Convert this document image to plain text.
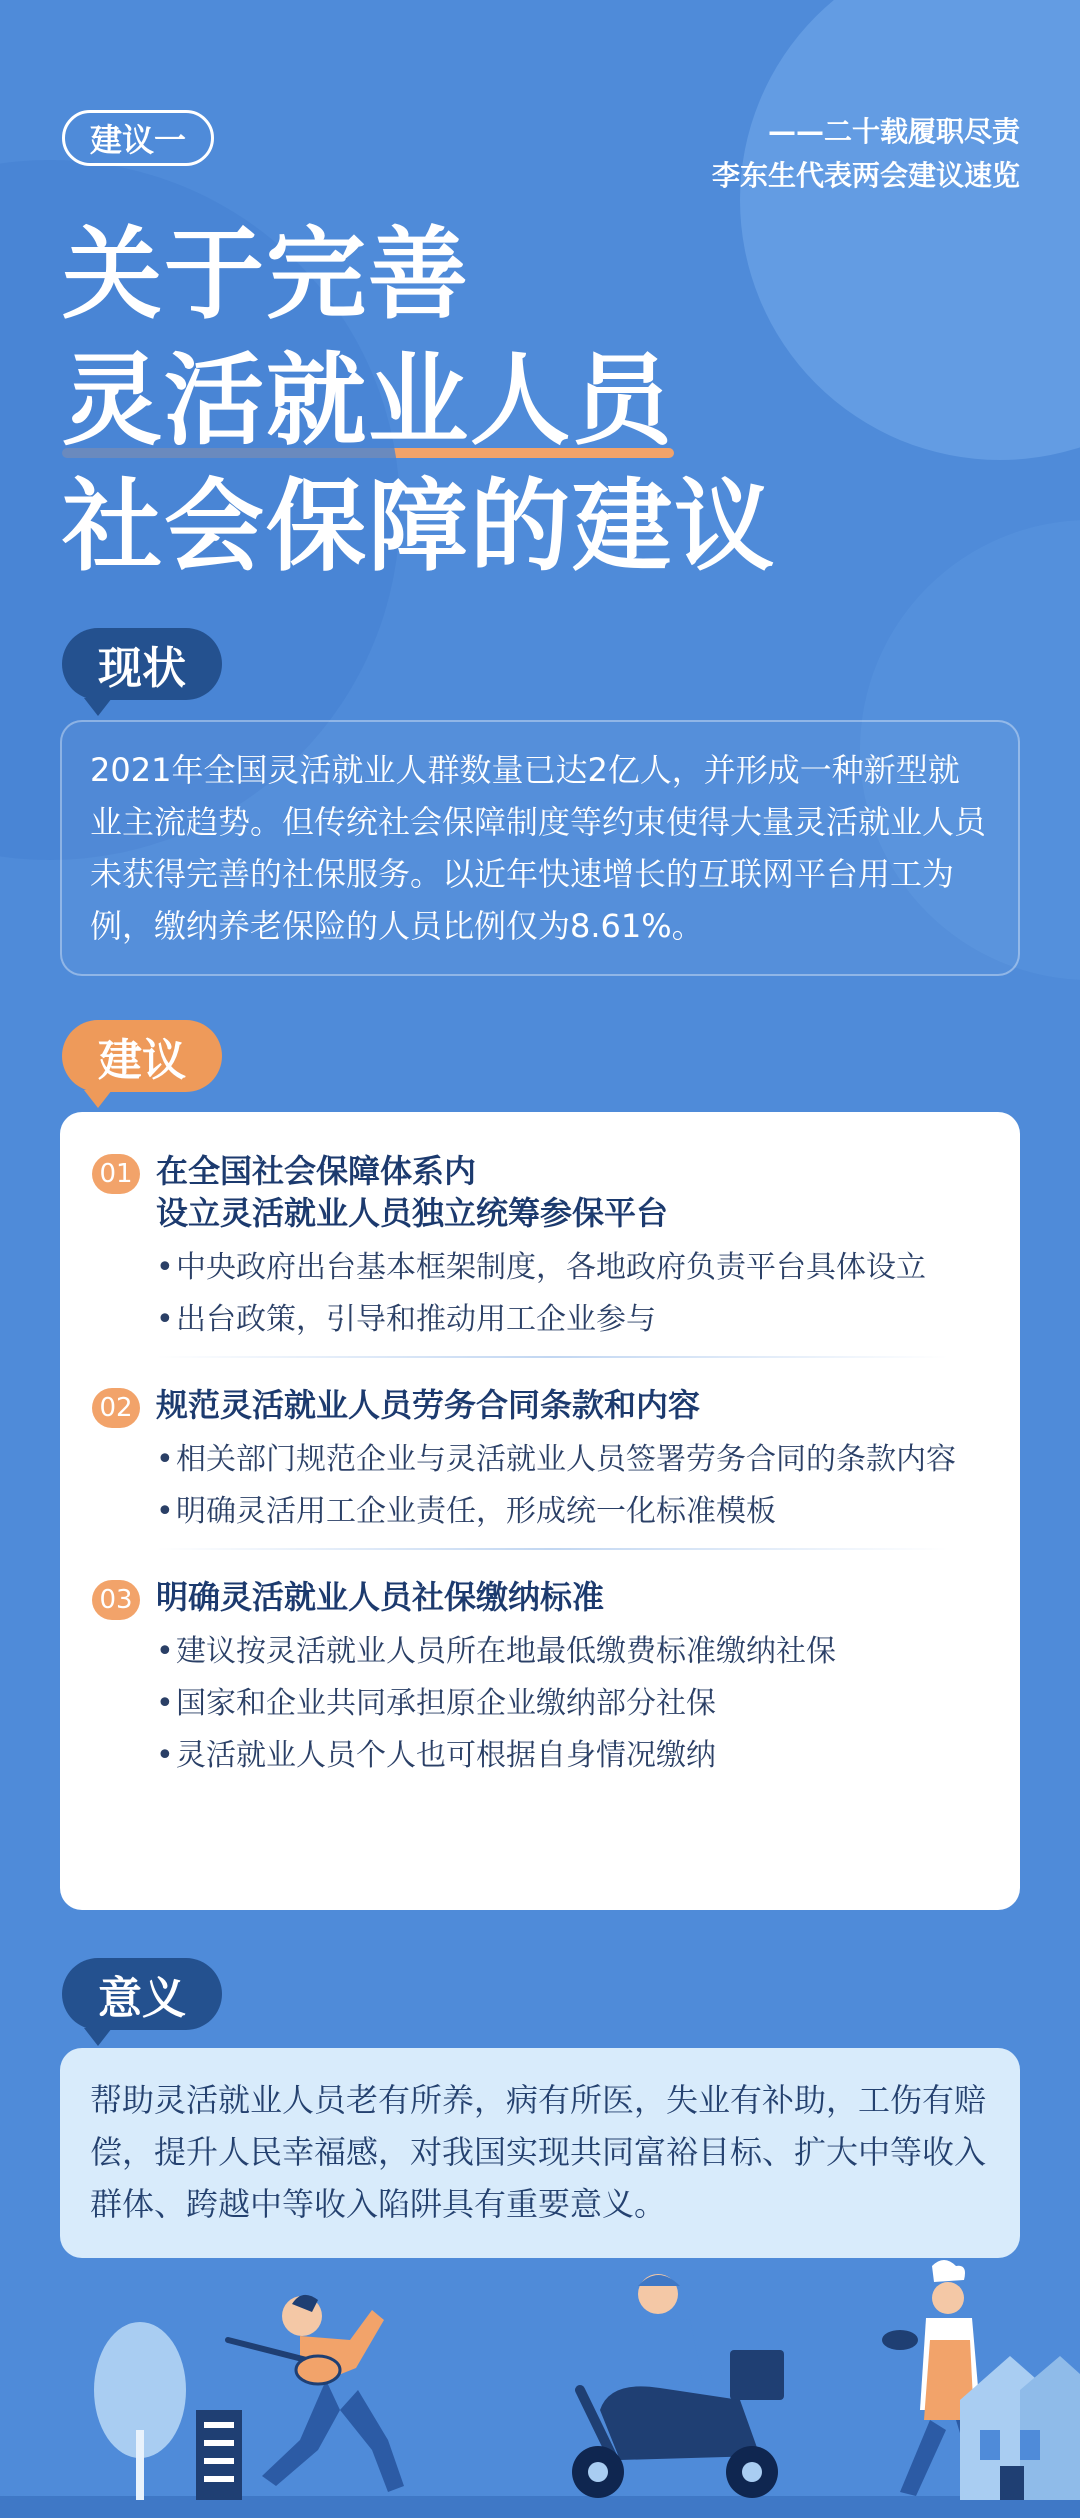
建议一	——二十载履职尽责
李东生代表两会建议速览
关于完善
灵活就业人员
社会保障的建议
现状

2021年全国灵活就业人群数量已达2亿人，并形成一种新型就业主流趋势。但传统社会保障制度等约束使得大量灵活就业人员未获得完善的社保服务。以近年快速增长的互联网平台用工为例，缴纳养老保险的人员比例仅为8.61%。

建议
01 在全国社会保障体系内
设立灵活就业人员独立统筹参保平台
• 中央政府出台基本框架制度，各地政府负责平台具体设立
• 出台政策，引导和推动用工企业参与
02 规范灵活就业人员劳务合同条款和内容
• 相关部门规范企业与灵活就业人员签署劳务合同的条款内容
• 明确灵活用工企业责任，形成统一化标准模板
03 明确灵活就业人员社保缴纳标准
• 建议按灵活就业人员所在地最低缴费标准缴纳社保
• 国家和企业共同承担原企业缴纳部分社保
• 灵活就业人员个人也可根据自身情况缴纳
意义

帮助灵活就业人员老有所养，病有所医，失业有补助，工伤有赔偿，提升人民幸福感，对我国实现共同富裕目标、扩大中等收入群体、跨越中等收入陷阱具有重要意义。
